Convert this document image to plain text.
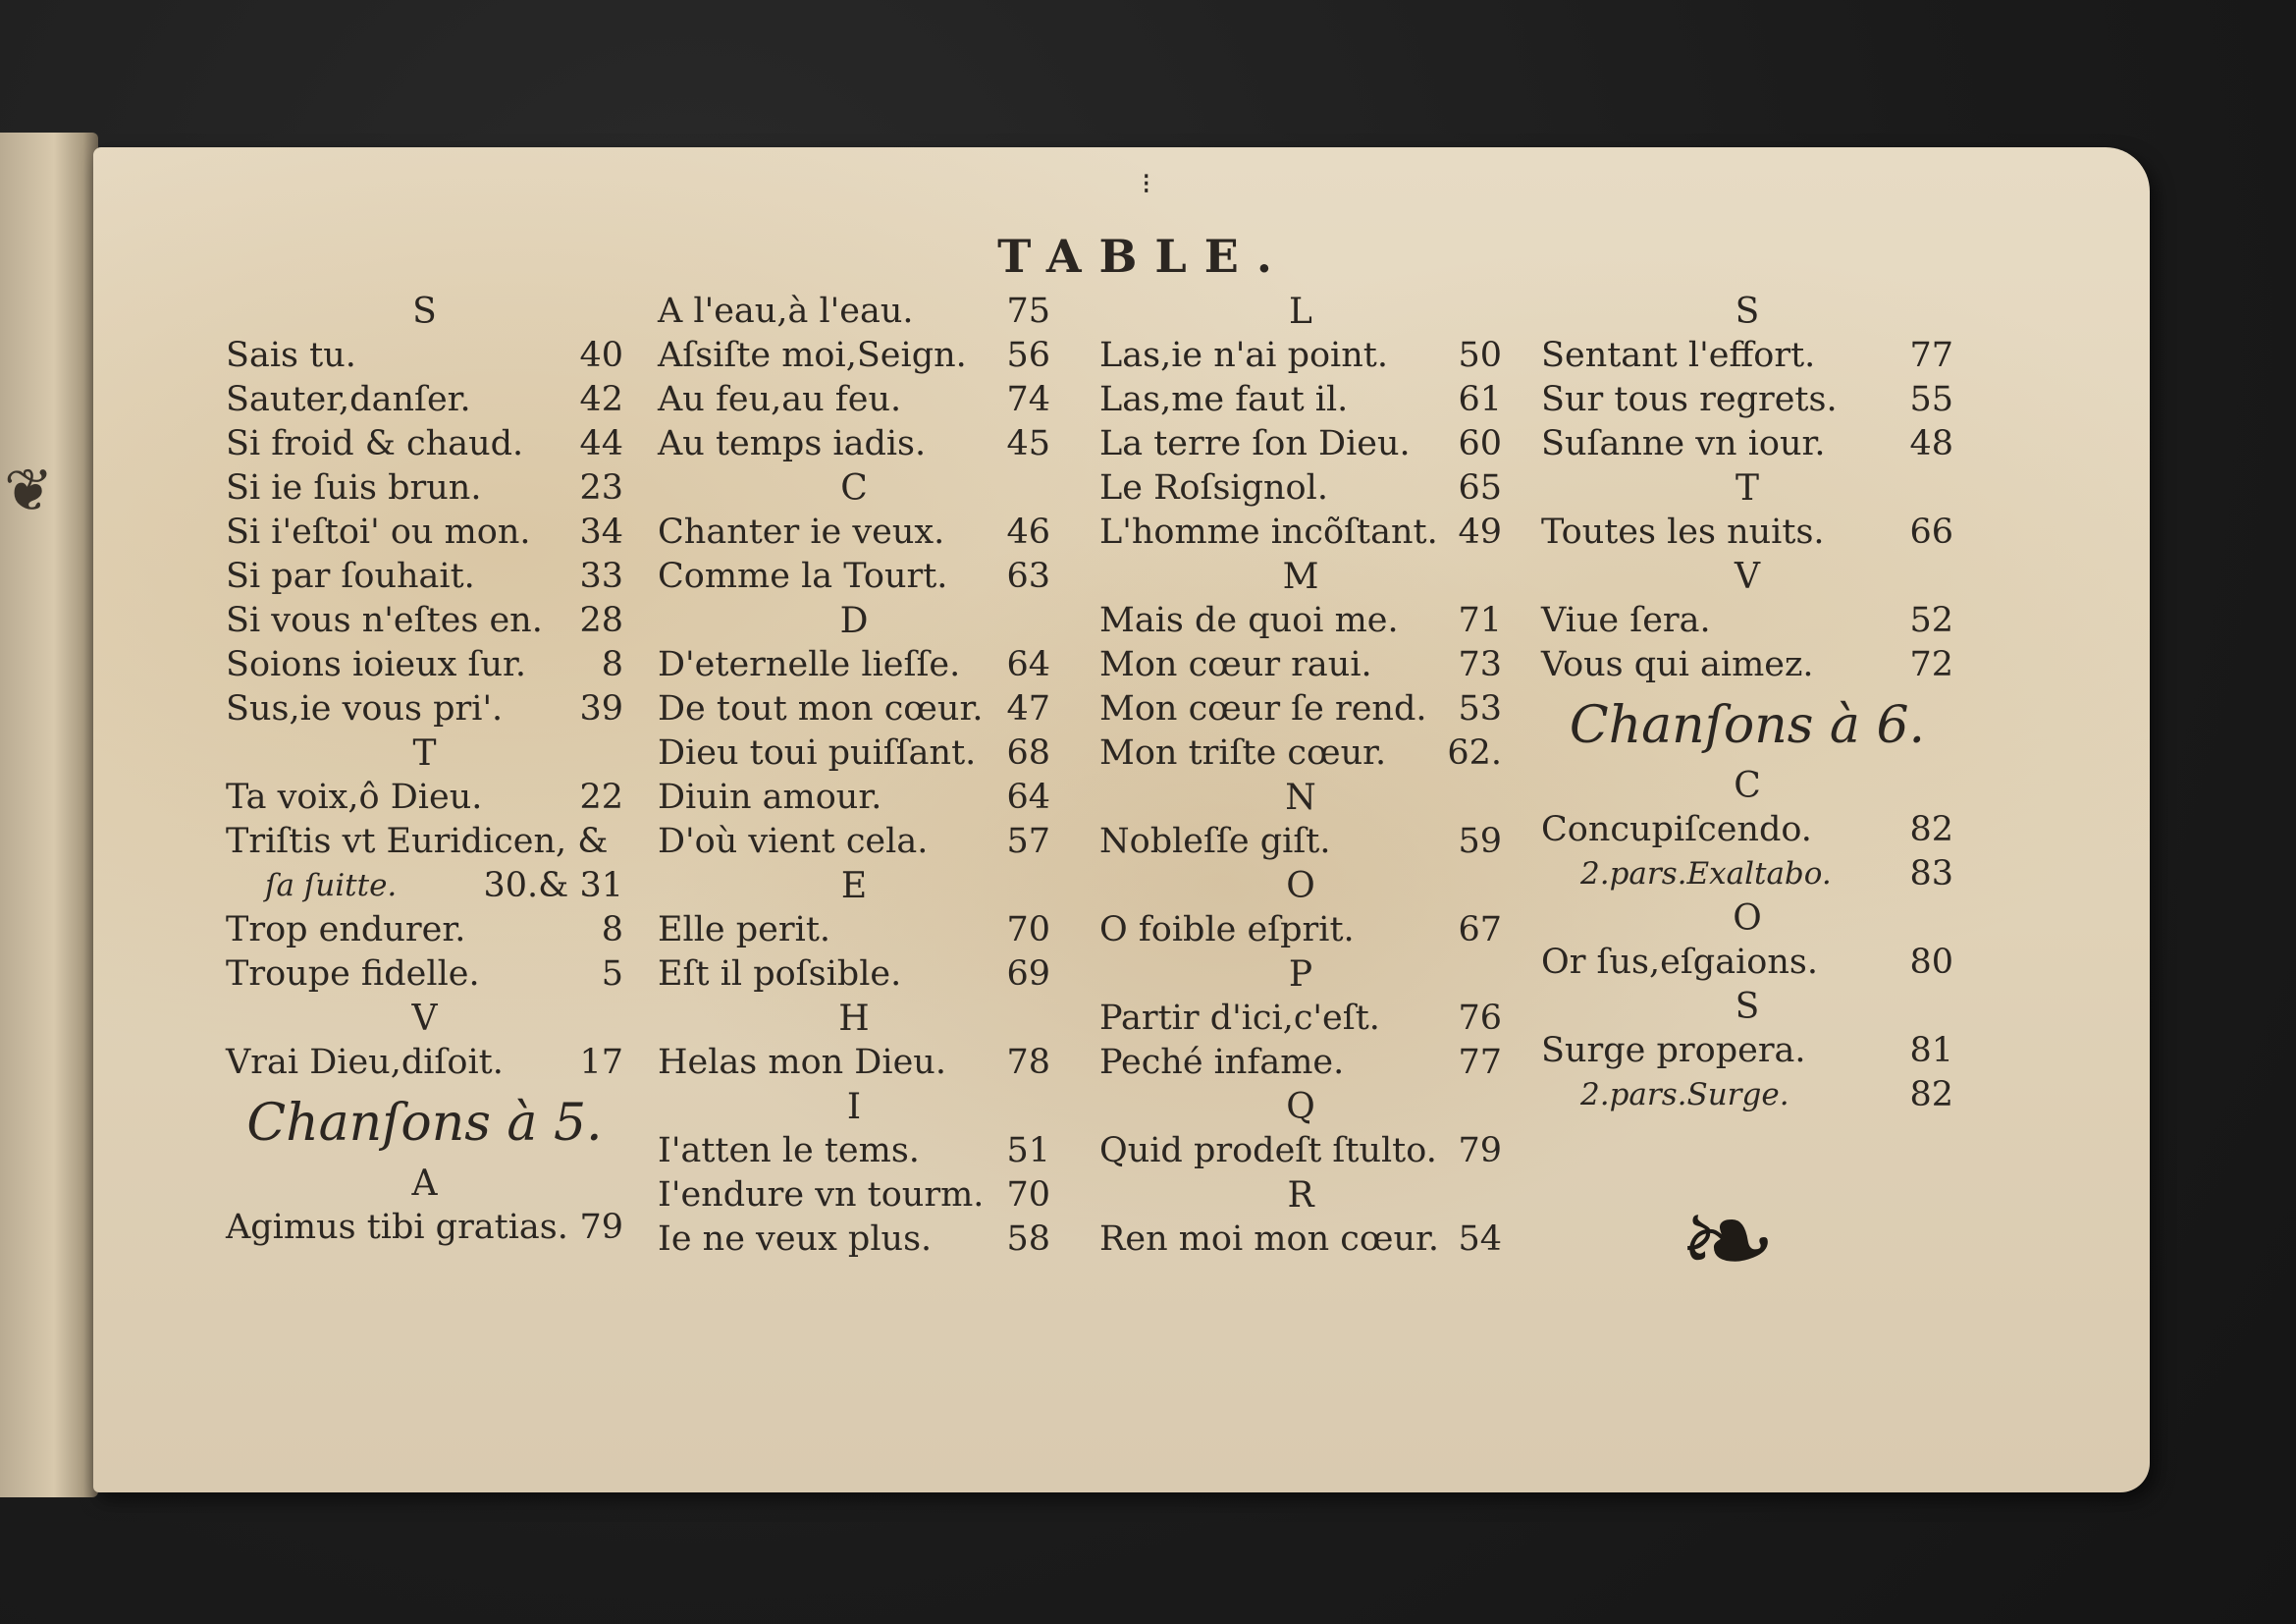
❦
⁝
TABLE.
S
Sais tu.	40
Sauter,danſer.	42
Si froid & chaud. 44
Si ie ſuis brun.	23
Si i'eſtoi' ou mon. 34
Si par ſouhait.	33
Si vous n'eſtes en. 28
Soions ioieux ſur. 8
Sus,ie vous pri'. 39
T
Ta voix,ô Dieu.	22
Triſtis vt Euridicen, &
ſa ſuitte.	30.& 31
Trop endurer.	8
Troupe fidelle.	5
V
Vrai Dieu,diſoit. 17
Chanſons à 5.
A
Agimus tibi gratias. 79
A l'eau,à l'eau.	75
Aſsiſte moi,Seign. 56
Au feu,au feu.	74
Au temps iadis. 45
C
Chanter ie veux. 46
Comme la Tourt. 63
D
D'eternelle lieſſe. 64
De tout mon cœur. 47
Dieu toui puiſſant. 68
Diuin amour.	64
D'où vient cela. 57
E
Elle perit.	70
Eſt il poſsible.	69
H
Helas mon Dieu. 78
I
I'atten le tems.	51
I'endure vn tourm. 70
Ie ne veux plus. 58
L
Las,ie n'ai point. 50
Las,me faut il.	61
La terre ſon Dieu. 60
Le Roſsignol.	65
L'homme incõſtant. 49
M
Mais de quoi me. 71
Mon cœur raui.	73
Mon cœur ſe rend. 53
Mon triſte cœur. 62.
N
Nobleſſe giſt.	59
O
O foible eſprit.	67
P
Partir d'ici,c'eſt. 76
Peché infame.	77
Q
Quid prodeſt ſtulto. 79
R
Ren moi mon cœur. 54
S
Sentant l'effort.	77
Sur tous regrets. 55
Suſanne vn iour. 48
T
Toutes les nuits. 66
V
Viue ſera.	52
Vous qui aimez.	72
Chanſons à 6.
C
Concupiſcendo.	82
2.pars.Exaltabo. 83
O
Or ſus,eſgaions.	80
S
Surge propera.	81
2.pars.Surge.	82
❧
